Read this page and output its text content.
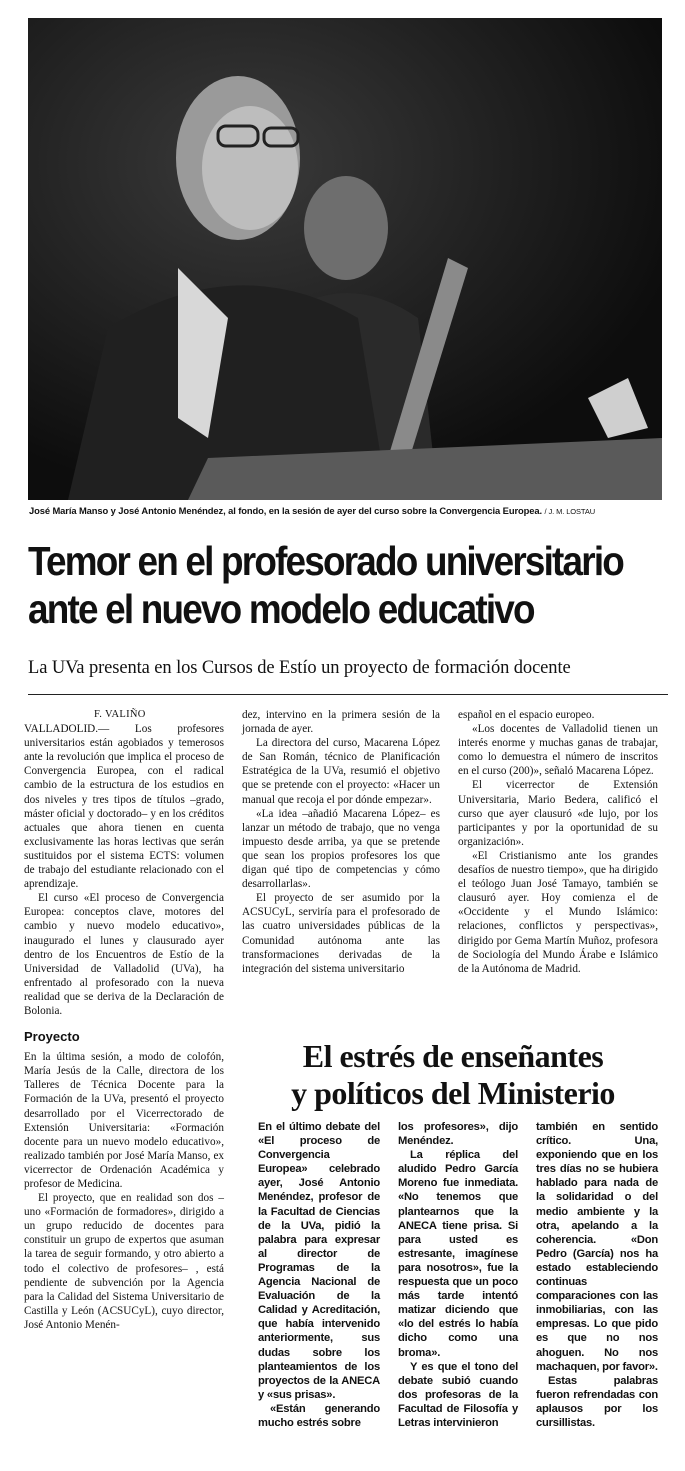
José María Manso y José Antonio Menéndez, al fondo, en la sesión de ayer del curso sobre la Convergencia Europea. / J. M. LOSTAU
Temor en el profesorado universitario
ante el nuevo modelo educativo
La UVa presenta en los Cursos de Estío un proyecto de formación docente
F. VALIÑO

VALLADOLID.— Los profesores universitarios están agobiados y temerosos ante la revolución que implica el proceso de Convergencia Europea, con el radical cambio de la estructura de los estudios en dos niveles y tres tipos de títulos –grado, máster oficial y doctorado– y en los créditos actuales que ahora tienen en cuenta exclusivamente las horas lectivas que serán sustituidos por el sistema ECTS: volumen de trabajo del estudiante relacionado con el aprendizaje.

El curso «El proceso de Convergencia Europea: conceptos clave, motores del cambio y nuevo modelo educativo», inaugurado el lunes y clausurado ayer dentro de los Encuentros de Estío de la Universidad de Valladolid (UVa), ha enfrentado al profesorado con la nueva realidad que se deriva de la Declaración de Bolonia.

Proyecto

En la última sesión, a modo de colofón, María Jesús de la Calle, directora de los Talleres de Técnica Docente para la Formación de la UVa, presentó el proyecto desarrollado por el Vicerrectorado de Extensión Universitaria: «Formación docente para un nuevo modelo educativo», realizado también por José María Manso, ex vicerrector de Ordenación Académica y profesor de Medicina.

El proyecto, que en realidad son dos – uno «Formación de formadores», dirigido a un grupo reducido de docentes para constituir un grupo de expertos que asuman la tarea de seguir formando, y otro abierto a todo el colectivo de profesores– , está pendiente de subvención por la Agencia para la Calidad del Sistema Universitario de Castilla y León (ACSUCyL), cuyo director, José Antonio Menén-

dez, intervino en la primera sesión de la jornada de ayer.

La directora del curso, Macarena López de San Román, técnico de Planificación Estratégica de la UVa, resumió el objetivo que se pretende con el proyecto: «Hacer un manual que recoja el por dónde empezar».

«La idea –añadió Macarena López– es lanzar un método de trabajo, que no venga impuesto desde arriba, ya que se pretende que sean los propios profesores los que digan qué tipo de competencias y cómo desarrollarlas».

El proyecto de ser asumido por la ACSUCyL, serviría para el profesorado de las cuatro universidades públicas de la Comunidad autónoma ante las transformaciones derivadas de la integración del sistema universitario

español en el espacio europeo.

«Los docentes de Valladolid tienen un interés enorme y muchas ganas de trabajar, como lo demuestra el número de inscritos en el curso (200)», señaló Macarena López.

El vicerrector de Extensión Universitaria, Mario Bedera, calificó el curso que ayer clausuró «de lujo, por los participantes y por la oportunidad de su organización».

«El Cristianismo ante los grandes desafíos de nuestro tiempo», que ha dirigido el teólogo Juan José Tamayo, también se clausuró ayer. Hoy comienza el de «Occidente y el Mundo Islámico: relaciones, conflictos y perspectivas», dirigido por Gema Martín Muñoz, profesora de Sociología del Mundo Árabe e Islámico de la Autónoma de Madrid.

El estrés de enseñantes
y políticos del Ministerio

En el último debate del «El proceso de Convergencia Europea» celebrado ayer, José Antonio Menéndez, profesor de la Facultad de Ciencias de la UVa, pidió la palabra para expresar al director de Programas de la Agencia Nacional de Evaluación de la Calidad y Acreditación, que había intervenido anteriormente, sus dudas sobre los planteamientos de los proyectos de la ANECA y «sus prisas».

«Están generando mucho estrés sobre

los profesores», dijo Menéndez.

La réplica del aludido Pedro García Moreno fue inmediata. «No tenemos que plantearnos que la ANECA tiene prisa. Si para usted es estresante, imagínese para nosotros», fue la respuesta que un poco más tarde intentó matizar diciendo que «lo del estrés lo había dicho como una broma».

Y es que el tono del debate subió cuando dos profesoras de la Facultad de Filosofía y Letras intervinieron

también en sentido crítico. Una, exponiendo que en los tres días no se hubiera hablado para nada de la solidaridad o del medio ambiente y la otra, apelando a la coherencia. «Don Pedro (García) nos ha estado estableciendo continuas comparaciones con las inmobiliarias, con las empresas. Lo que pido es que no nos ahoguen. No nos machaquen, por favor».

Estas palabras fueron refrendadas con aplausos por los cursillistas.
